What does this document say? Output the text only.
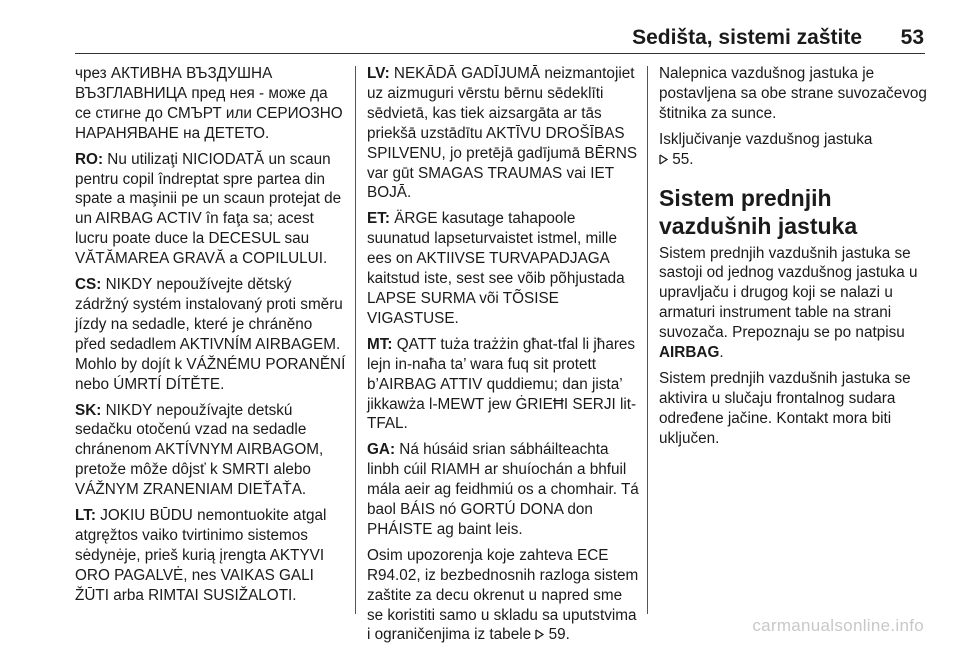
Sedišta, sistemi zaštite 53

чрез АКТИВНА ВЪЗДУШНА ВЪЗГЛАВНИЦА пред нея - може да се стигне до СМЪРТ или СЕРИОЗНО НАРАНЯВАНЕ на ДЕТЕТО.

RO: Nu utilizaţi NICIODATĂ un scaun pentru copil îndreptat spre partea din spate a maşinii pe un scaun protejat de un AIRBAG ACTIV în faţa sa; acest lucru poate duce la DECESUL sau VĂTĂMAREA GRAVĂ a COPILULUI.

CS: NIKDY nepoužívejte dětský zádržný systém instalovaný proti směru jízdy na sedadle, které je chráněno před sedadlem AKTIVNÍM AIRBAGEM. Mohlo by dojít k VÁŽNÉMU PORANĚNÍ nebo ÚMRTÍ DÍTĚTE.

SK: NIKDY nepoužívajte detskú sedačku otočenú vzad na sedadle chránenom AKTÍVNYM AIRBAGOM, pretože môže dôjsť k SMRTI alebo VÁŽNYM ZRANENIAM DIEŤAŤA.

LT: JOKIU BŪDU nemontuokite atgal atgręžtos vaiko tvirtinimo sistemos sėdynėje, prieš kurią įrengta AKTYVI ORO PAGALVĖ, nes VAIKAS GALI ŽŪTI arba RIMTAI SUSIŽALOTI.

LV: NEKĀDĀ GADĪJUMĀ neizmantojiet uz aizmuguri vērstu bērnu sēdeklīti sēdvietā, kas tiek aizsargāta ar tās priekšā uzstādītu AKTĪVU DROŠĪBAS SPILVENU, jo pretējā gadījumā BĒRNS var gūt SMAGAS TRAUMAS vai IET BOJĀ.

ET: ÄRGE kasutage tahapoole suunatud lapseturvaistet istmel, mille ees on AKTIIVSE TURVAPADJAGA kaitstud iste, sest see võib põhjustada LAPSE SURMA või TÕSISE VIGASTUSE.

MT: QATT tuża trażżin għat-tfal li jħares lejn in-naħa ta’ wara fuq sit protett b’AIRBAG ATTIV quddiemu; dan jista’ jikkawża l-MEWT jew ĠRIEĦI SERJI lit-TFAL.

GA: Ná húsáid srian sábháilteachta linbh cúil RIAMH ar shuíochán a bhfuil mála aeir ag feidhmiú os a chomhair. Tá baol BÁIS nó GORTÚ DONA don PHÁISTE ag baint leis.

Osim upozorenja koje zahteva ECE R94.02, iz bezbednosnih razloga sistem zaštite za decu okrenut u napred sme se koristiti samo u skladu sa uputstvima i ograničenjima iz tabele 59.

Nalepnica vazdušnog jastuka je postavljena sa obe strane suvozačevog štitnika za sunce.

Isključivanje vazdušnog jastuka
55.

Sistem prednjih vazdušnih jastuka

Sistem prednjih vazdušnih jastuka se sastoji od jednog vazdušnog jastuka u upravljaču i drugog koji se nalazi u armaturi instrument table na strani suvozača. Prepoznaju se po natpisu AIRBAG.

Sistem prednjih vazdušnih jastuka se aktivira u slučaju frontalnog sudara određene jačine. Kontakt mora biti uključen.

carmanualsonline.info
